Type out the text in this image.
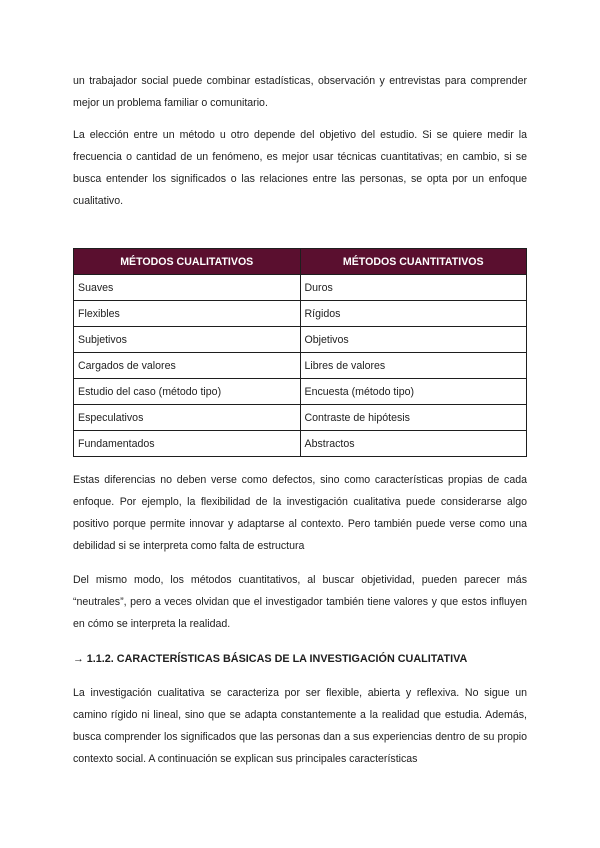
un trabajador social puede combinar estadísticas, observación y entrevistas para comprender mejor un problema familiar o comunitario.

La elección entre un método u otro depende del objetivo del estudio. Si se quiere medir la frecuencia o cantidad de un fenómeno, es mejor usar técnicas cuantitativas; en cambio, si se busca entender los significados o las relaciones entre las personas, se opta por un enfoque cualitativo.

MÉTODOS CUALITATIVOS	MÉTODOS CUANTITATIVOS
Suaves	Duros
Flexibles	Rígidos
Subjetivos	Objetivos
Cargados de valores	Libres de valores
Estudio del caso (método tipo)	Encuesta (método tipo)
Especulativos	Contraste de hipótesis
Fundamentados	Abstractos

Estas diferencias no deben verse como defectos, sino como características propias de cada enfoque. Por ejemplo, la flexibilidad de la investigación cualitativa puede considerarse algo positivo porque permite innovar y adaptarse al contexto. Pero también puede verse como una debilidad si se interpreta como falta de estructura

Del mismo modo, los métodos cuantitativos, al buscar objetividad, pueden parecer más “neutrales”, pero a veces olvidan que el investigador también tiene valores y que estos influyen en cómo se interpreta la realidad.

→ 1.1.2. CARACTERÍSTICAS BÁSICAS DE LA INVESTIGACIÓN CUALITATIVA

La investigación cualitativa se caracteriza por ser flexible, abierta y reflexiva. No sigue un camino rígido ni lineal, sino que se adapta constantemente a la realidad que estudia. Además, busca comprender los significados que las personas dan a sus experiencias dentro de su propio contexto social. A continuación se explican sus principales características
